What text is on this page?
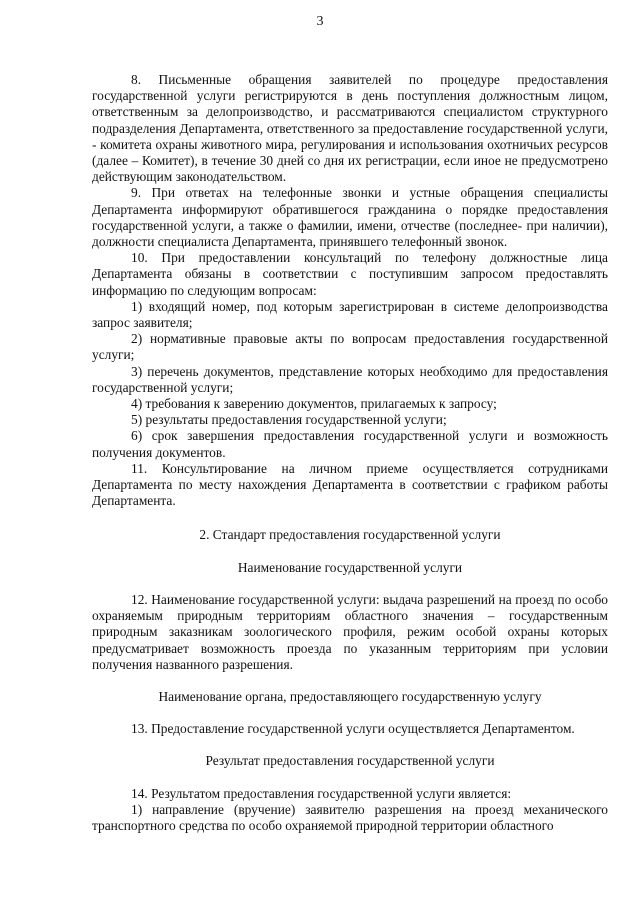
3

8. Письменные обращения заявителей по процедуре предоставления государственной услуги регистрируются в день поступления должностным лицом, ответственным за делопроизводство, и рассматриваются специалистом структурного подразделения Департамента, ответственного за предоставление государственной услуги, - комитета охраны животного мира, регулирования и использования охотничьих ресурсов (далее – Комитет), в течение 30 дней со дня их регистрации, если иное не предусмотрено действующим законодательством.

9. При ответах на телефонные звонки и устные обращения специалисты Департамента информируют обратившегося гражданина о порядке предоставления государственной услуги, а также о фамилии, имени, отчестве (последнее- при наличии), должности специалиста Департамента, принявшего телефонный звонок.

10. При предоставлении консультаций по телефону должностные лица Департамента обязаны в соответствии с поступившим запросом предоставлять информацию по следующим вопросам:

1) входящий номер, под которым зарегистрирован в системе делопроизводства запрос заявителя;

2) нормативные правовые акты по вопросам предоставления государственной услуги;

3) перечень документов, представление которых необходимо для предоставления государственной услуги;

4) требования к заверению документов, прилагаемых к запросу;

5) результаты предоставления государственной услуги;

6) срок завершения предоставления государственной услуги и возможность получения документов.

11. Консультирование на личном приеме осуществляется сотрудниками Департамента по месту нахождения Департамента в соответствии с графиком работы Департамента.

2. Стандарт предоставления государственной услуги

Наименование государственной услуги

12. Наименование государственной услуги: выдача разрешений на проезд по особо охраняемым природным территориям областного значения – государственным природным заказникам зоологического профиля, режим особой охраны которых предусматривает возможность проезда по указанным территориям при условии получения названного разрешения.

Наименование органа, предоставляющего государственную услугу

13. Предоставление государственной услуги осуществляется Департаментом.

Результат предоставления государственной услуги

14. Результатом предоставления государственной услуги является:

1) направление (вручение) заявителю разрешения на проезд механического транспортного средства по особо охраняемой природной территории областного
